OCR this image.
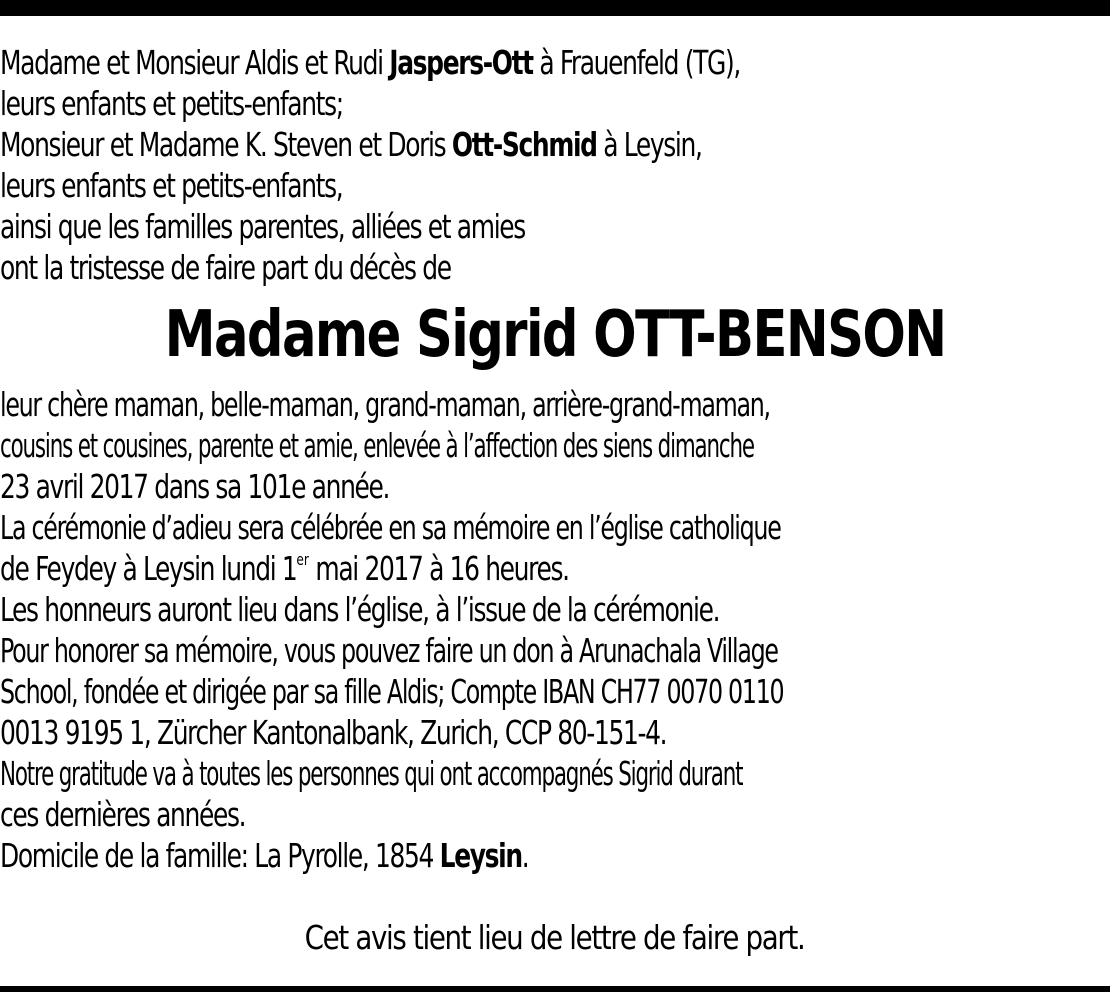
Madame et Monsieur Aldis et Rudi Jaspers-Ott à Frauenfeld (TG),
leurs enfants et petits-enfants;
Monsieur et Madame K. Steven et Doris Ott-Schmid à Leysin,
leurs enfants et petits-enfants,
ainsi que les familles parentes, alliées et amies
ont la tristesse de faire part du décès de
Madame Sigrid OTT-BENSON
leur chère maman, belle-maman, grand-maman, arrière-grand-maman,
cousins et cousines, parente et amie, enlevée à l’affection des siens dimanche
23 avril 2017 dans sa 101e année.
La cérémonie d’adieu sera célébrée en sa mémoire en l’église catholique
de Feydey à Leysin lundi 1er mai 2017 à 16 heures.
Les honneurs auront lieu dans l’église, à l’issue de la cérémonie.
Pour honorer sa mémoire, vous pouvez faire un don à Arunachala Village
School, fondée et dirigée par sa fille Aldis; Compte IBAN CH77 0070 0110
0013 9195 1, Zürcher Kantonalbank, Zurich, CCP 80-151-4.
Notre gratitude va à toutes les personnes qui ont accompagnés Sigrid durant
ces dernières années.
Domicile de la famille: La Pyrolle, 1854 Leysin.
Cet avis tient lieu de lettre de faire part.
